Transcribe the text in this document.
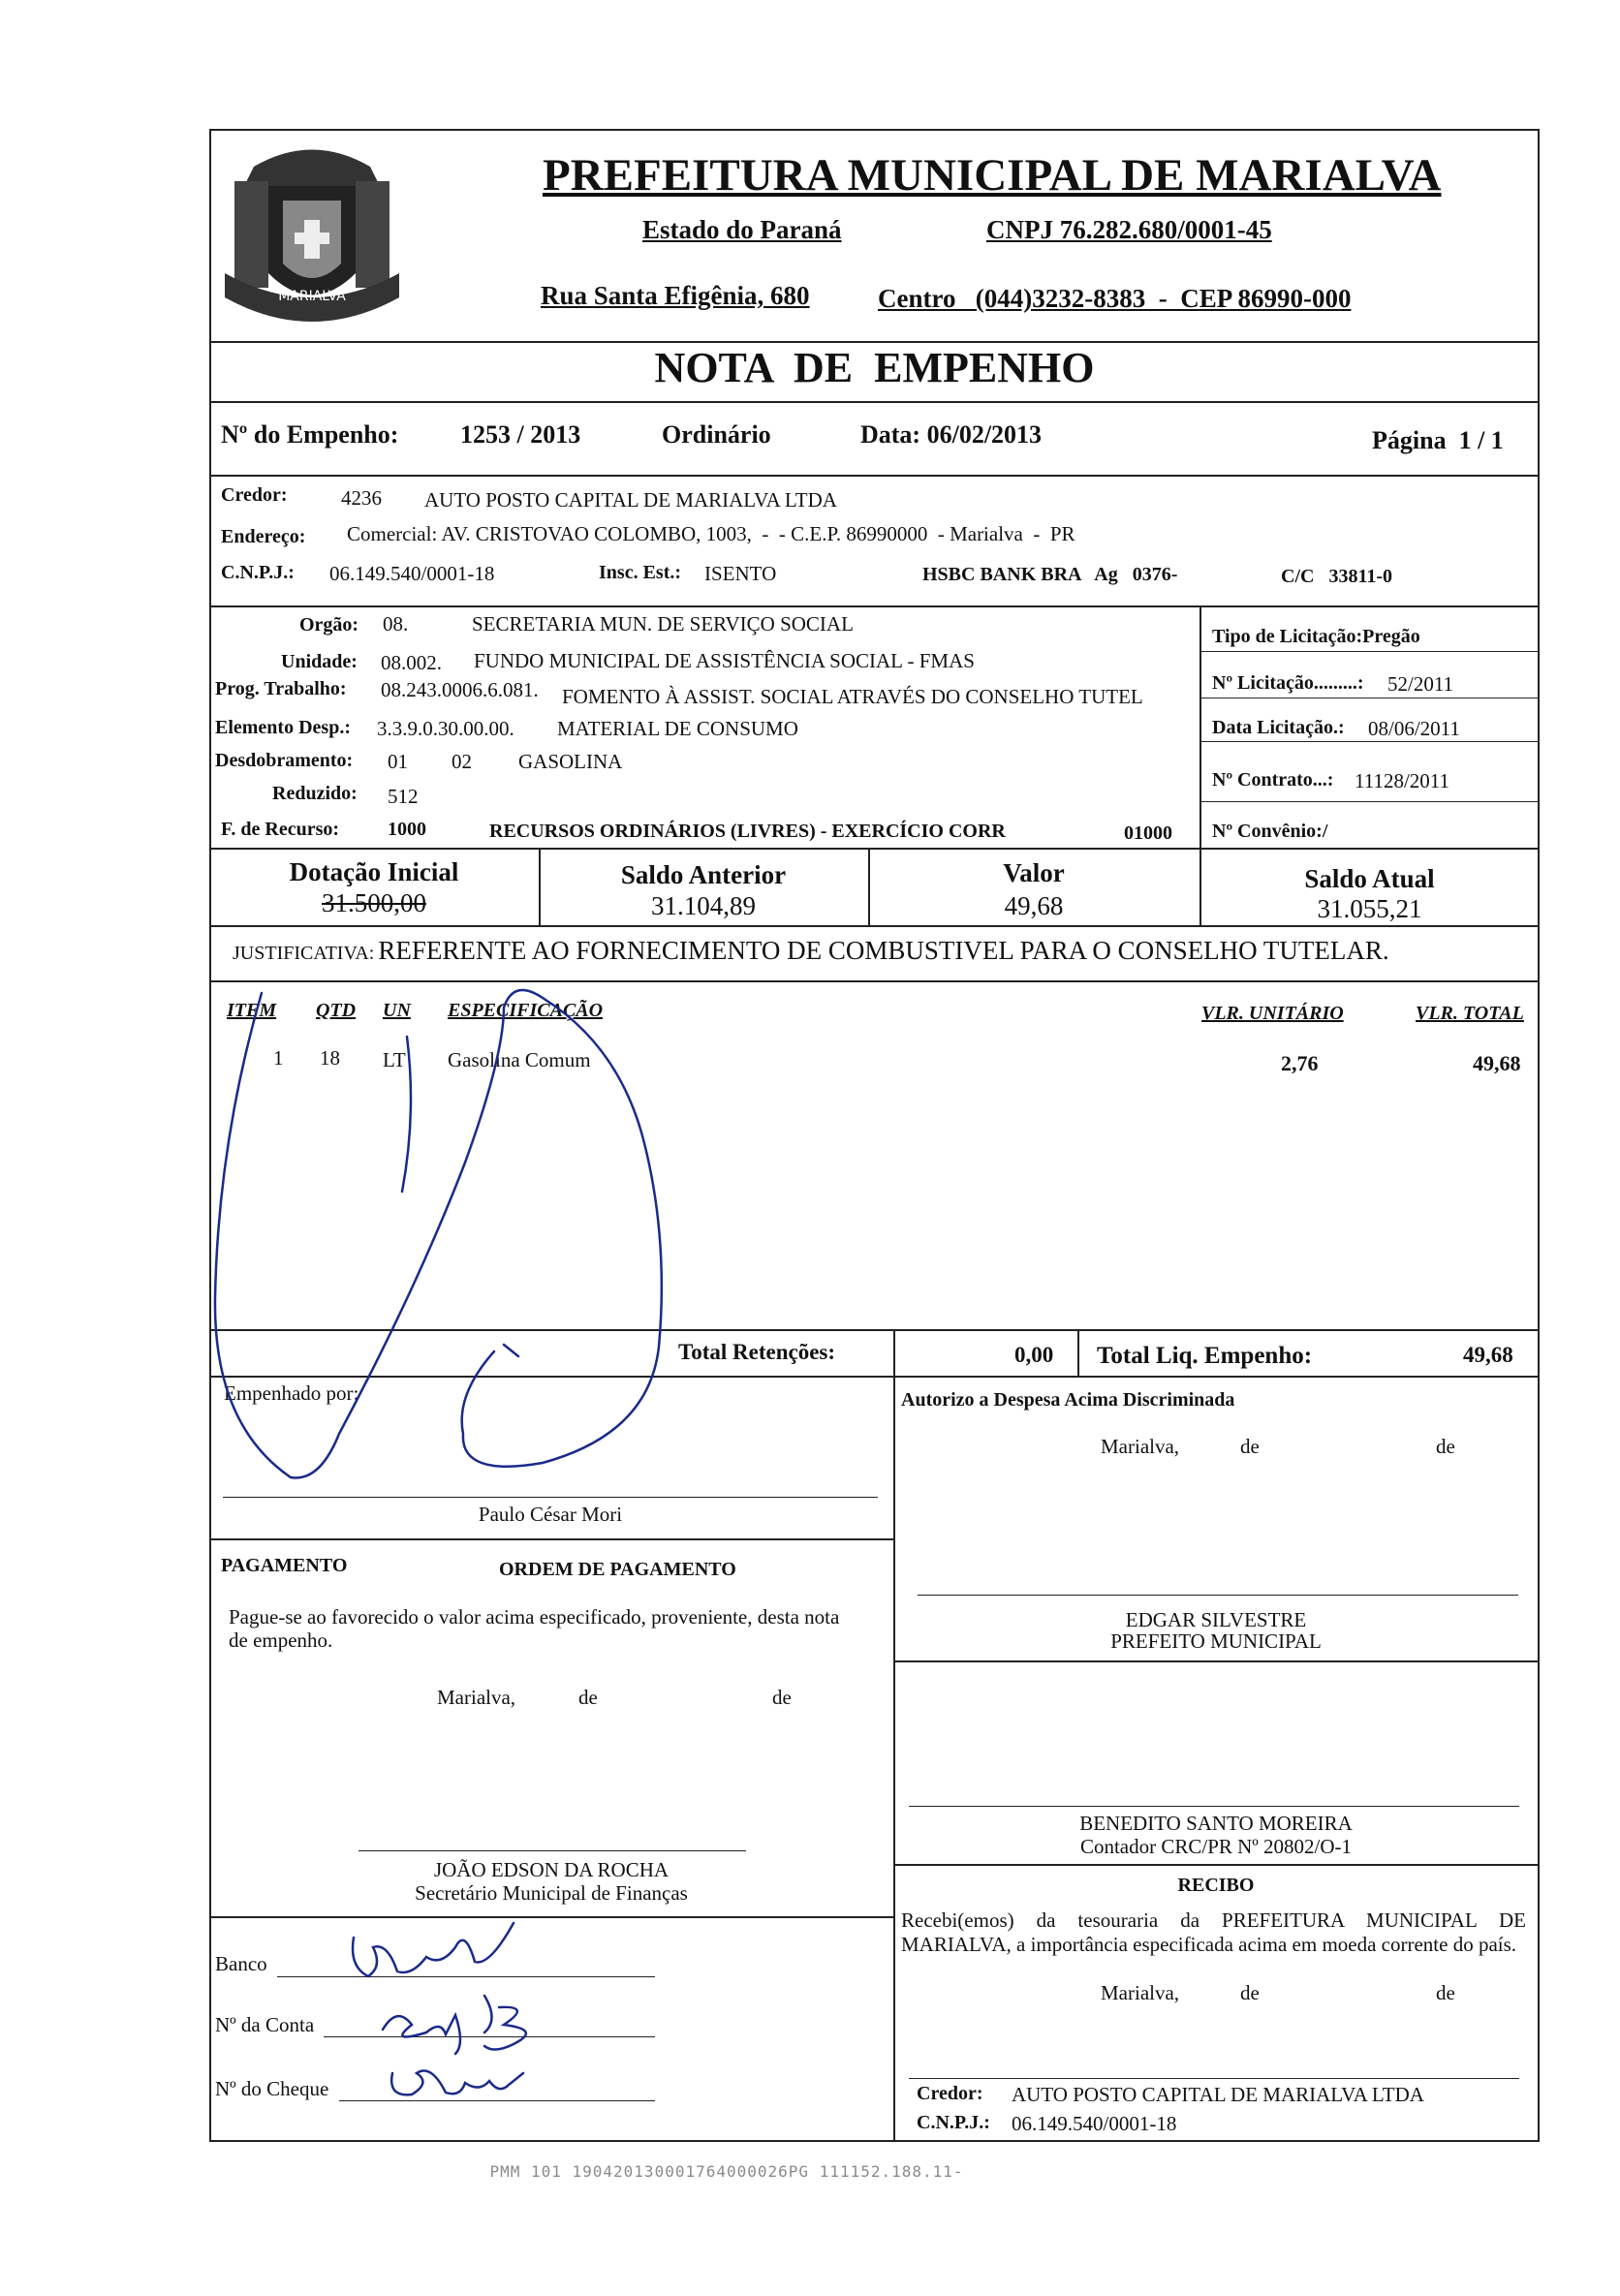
MARIALVA
PREFEITURA MUNICIPAL DE MARIALVA
Estado do Paraná	CNPJ 76.282.680/0001-45
Rua Santa Efigênia, 680	Centro   (044)3232-8383  -  CEP 86990-000
NOTA  DE  EMPENHO
Nº do Empenho: 1253 / 2013	Ordinário	Data: 06/02/2013	Página  1 / 1
Credor:	4236 AUTO POSTO CAPITAL DE MARIALVA LTDA
Endereço: Comercial: AV. CRISTOVAO COLOMBO, 1003,  -  - C.E.P. 86990000  - Marialva  -  PR
C.N.P.J.: 06.149.540/0001-18	Insc. Est.: ISENTO	HSBC BANK BRA   Ag   0376-	C/C   33811-0
Orgão: 08.	SECRETARIA MUN. DE SERVIÇO SOCIAL
Unidade: 08.002. FUNDO MUNICIPAL DE ASSISTÊNCIA SOCIAL - FMAS
Prog. Trabalho: 08.243.0006.6.081. FOMENTO À ASSIST. SOCIAL ATRAVÉS DO CONSELHO TUTEL
Elemento Desp.: 3.3.9.0.30.00.00. MATERIAL DE CONSUMO
Desdobramento: 01 02 GASOLINA
Reduzido: 512
F. de Recurso: 1000	RECURSOS ORDINÁRIOS (LIVRES) - EXERCÍCIO CORR	01000
Tipo de Licitação:Pregão
Nº Licitação.........: 52/2011
Data Licitação.: 08/06/2011
Nº Contrato...: 11128/2011
Nº Convênio:/
Dotação Inicial
31.500,00
Saldo Anterior
31.104,89
Valor
49,68
Saldo Atual
31.055,21
JUSTIFICATIVA: REFERENTE AO FORNECIMENTO DE COMBUSTIVEL PARA O CONSELHO TUTELAR.
ITEM QTD UN ESPECIFICAÇÃO	VLR. UNITÁRIO	VLR. TOTAL
1 18 LT Gasolina Comum	2,76	49,68
Total Retenções:	0,00 Total Liq. Empenho:	49,68
Empenhado por:
Paulo César Mori
Autorizo a Despesa Acima Discriminada
Marialva,	de	de
PAGAMENTO	ORDEM DE PAGAMENTO
Pague-se ao favorecido o valor acima especificado, proveniente, desta nota de empenho.
Marialva,	de	de
EDGAR SILVESTRE
PREFEITO MUNICIPAL
BENEDITO SANTO MOREIRA
Contador CRC/PR Nº 20802/O-1
JOÃO EDSON DA ROCHA
Secretário Municipal de Finanças	RECIBO
Recebi(emos) da tesouraria da PREFEITURA MUNICIPAL DE MARIALVA, a importância especificada acima em moeda corrente do país.
Marialva,	de	de
Credor: AUTO POSTO CAPITAL DE MARIALVA LTDA
C.N.P.J.: 06.149.540/0001-18
Banco
Nº da Conta
Nº do Cheque
PMM 101 190420130001764000026PG 111152.188.11-
